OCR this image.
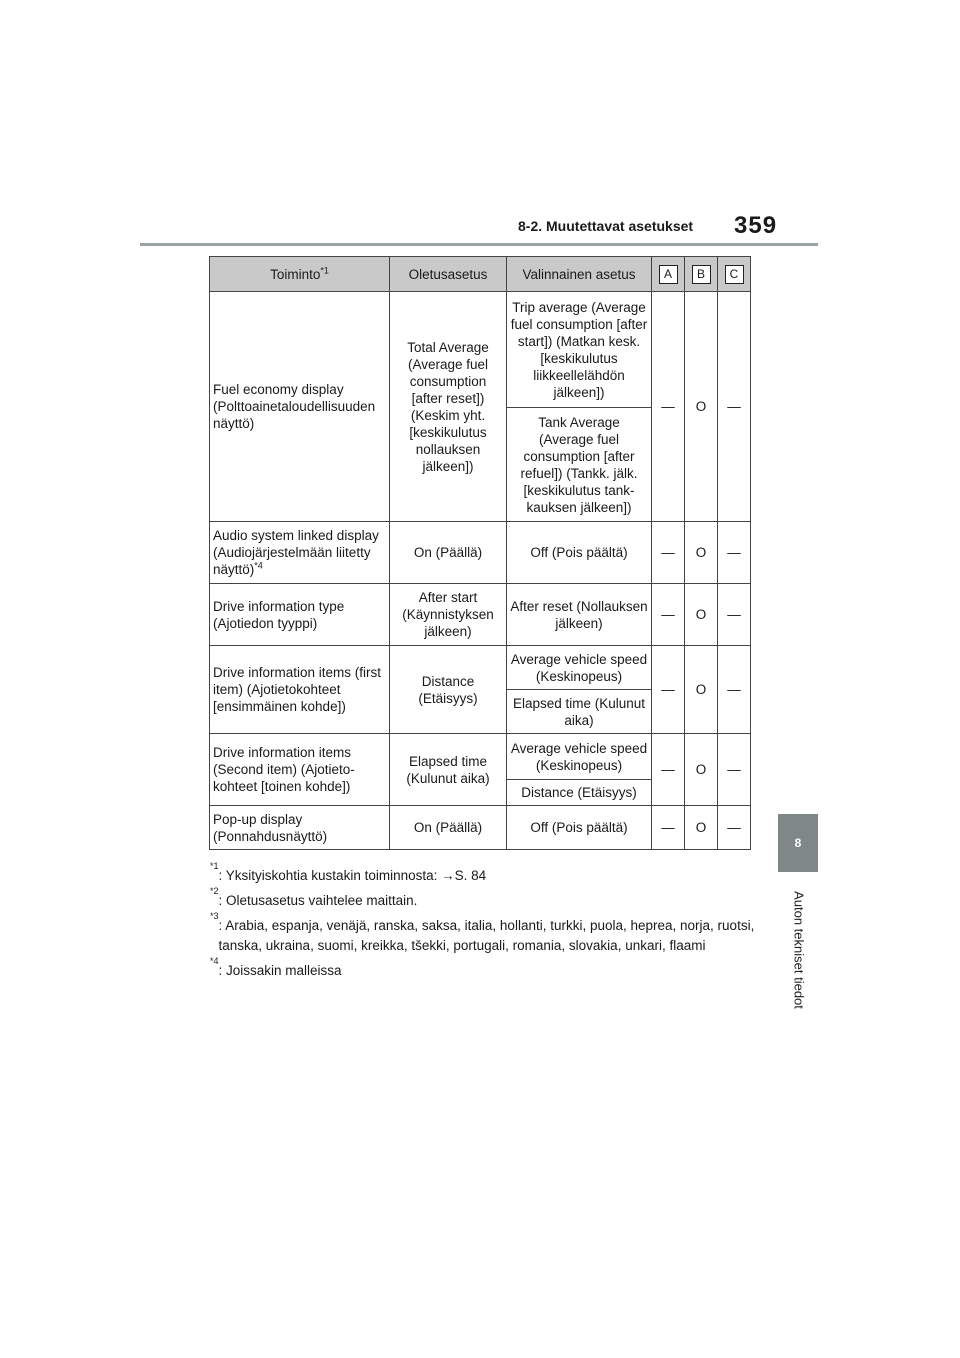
8-2. Muutettavat asetukset 359
8
Auton tekniset tiedot
Toiminto$^{*1}$	Oletusasetus	Valinnainen asetus	A	B	C

Fuel economy display (Polttoainetaloudellisuuden näyttö)	Total Average (Average fuel consumption [after reset]) (Keskim yht. [keskikulutus nollauksen jälkeen])	Trip average (Average fuel consumption [after start]) (Matkan kesk. [keskikulutus liikkeellelähdön jälkeen])	—	O	—
		Tank Average (Average fuel consumption [after refuel]) (Tankk. jälk. [keskikulutus tank-kauksen jälkeen])			
Audio system linked display (Audiojärjestelmään liitetty näyttö)$^{*4}$	On (Päällä)	Off (Pois päältä)	—	O	—
Drive information type (Ajotiedon tyyppi)	After start (Käynnistyksen jälkeen)	After reset (Nollauksen jälkeen)	—	O	—
Drive information items (first item) (Ajotietokohteet [ensimmäinen kohde])	Distance (Etäisyys)	Average vehicle speed (Keskinopeus)	—	O	—
		Elapsed time (Kulunut aika)			
Drive information items (Second item) (Ajotieto-kohteet [toinen kohde])	Elapsed time (Kulunut aika)	Average vehicle speed (Keskinopeus)	—	O	—
		Distance (Etäisyys)			
Pop-up display (Ponnahdusnäyttö)	On (Päällä)	Off (Pois päältä)	—	O	—
*1
: Yksityiskohtia kustakin toiminnosta: →S. 84
*2
: Oletusasetus vaihtelee maittain.
*3
: Arabia, espanja, venäjä, ranska, saksa, italia, hollanti, turkki, puola, heprea, norja, ruotsi, tanska, ukraina, suomi, kreikka, tšekki, portugali, romania, slovakia, unkari, flaami
*4
: Joissakin malleissa
